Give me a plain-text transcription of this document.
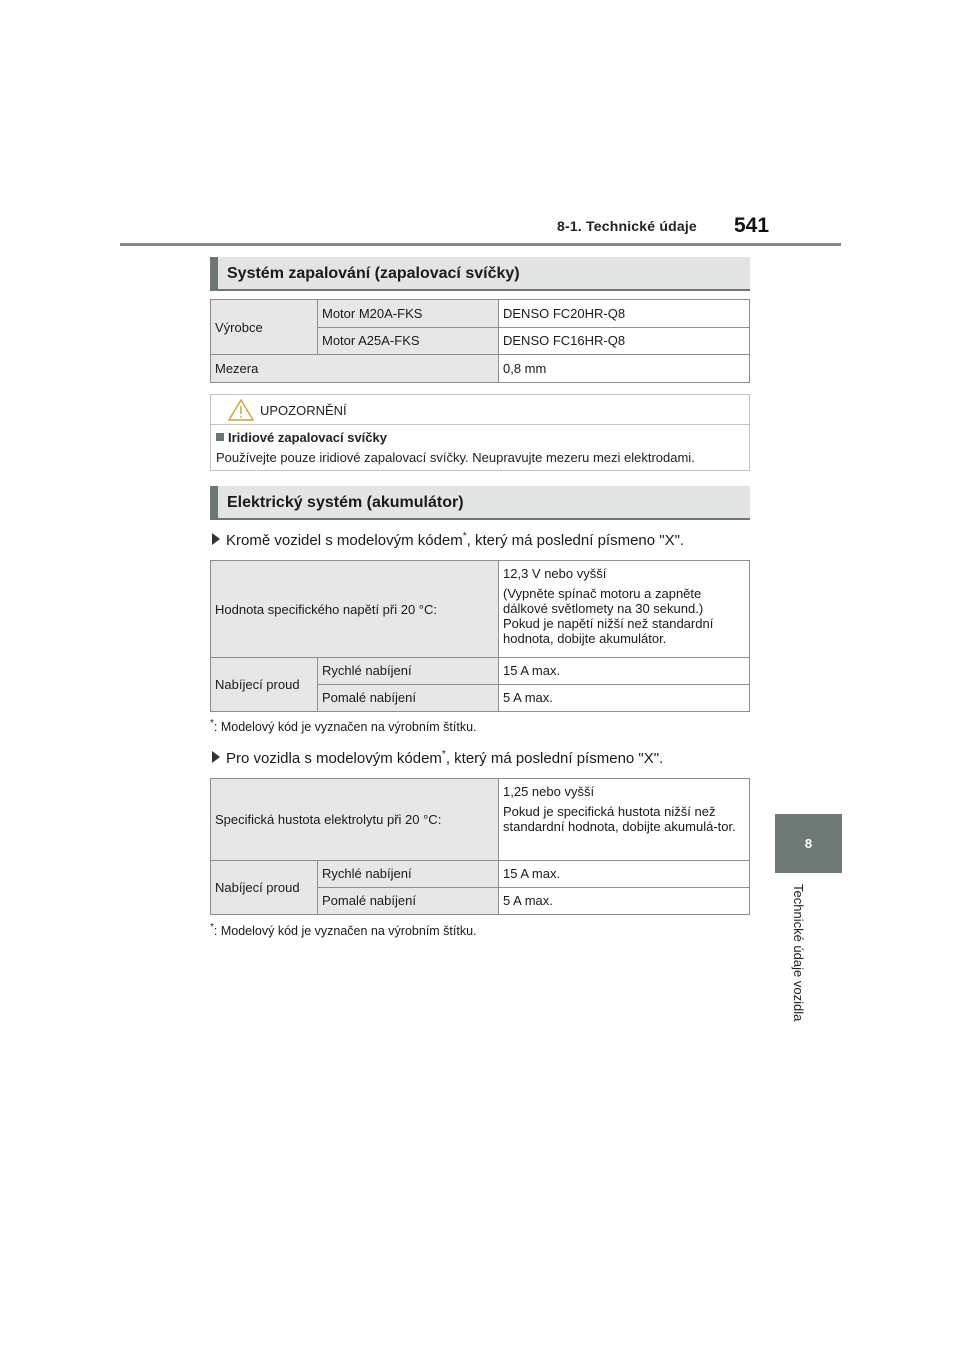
8-1. Technické údaje 541
8
Technické údaje vozidla
Systém zapalování (zapalovací svíčky)
Výrobce	Motor M20A-FKS	DENSO FC20HR-Q8
	Motor A25A-FKS	DENSO FC16HR-Q8
Mezera		0,8 mm
UPOZORNĚNÍ
Iridiové zapalovací svíčky
Používejte pouze iridiové zapalovací svíčky. Neupravujte mezeru mezi elektrodami.
Elektrický systém (akumulátor)
Kromě vozidel s modelovým kódem*, který má poslední písmeno "X".
Hodnota specifického napětí při 20 °C:		12,3 V nebo vyšší

(Vypněte spínač motoru a zapněte dálkové světlomety na 30 sekund.)

Pokud je napětí nižší než standardní hodnota, dobijte akumulátor.

Nabíjecí proud	Rychlé nabíjení	15 A max.
	Pomalé nabíjení	5 A max.
*: Modelový kód je vyznačen na výrobním štítku.
Pro vozidla s modelovým kódem*, který má poslední písmeno "X".
Specifická hustota elektrolytu při 20 °C:		1,25 nebo vyšší

Pokud je specifická hustota nižší než standardní hodnota, dobijte akumulá-tor.

Nabíjecí proud	Rychlé nabíjení	15 A max.
	Pomalé nabíjení	5 A max.
*: Modelový kód je vyznačen na výrobním štítku.
